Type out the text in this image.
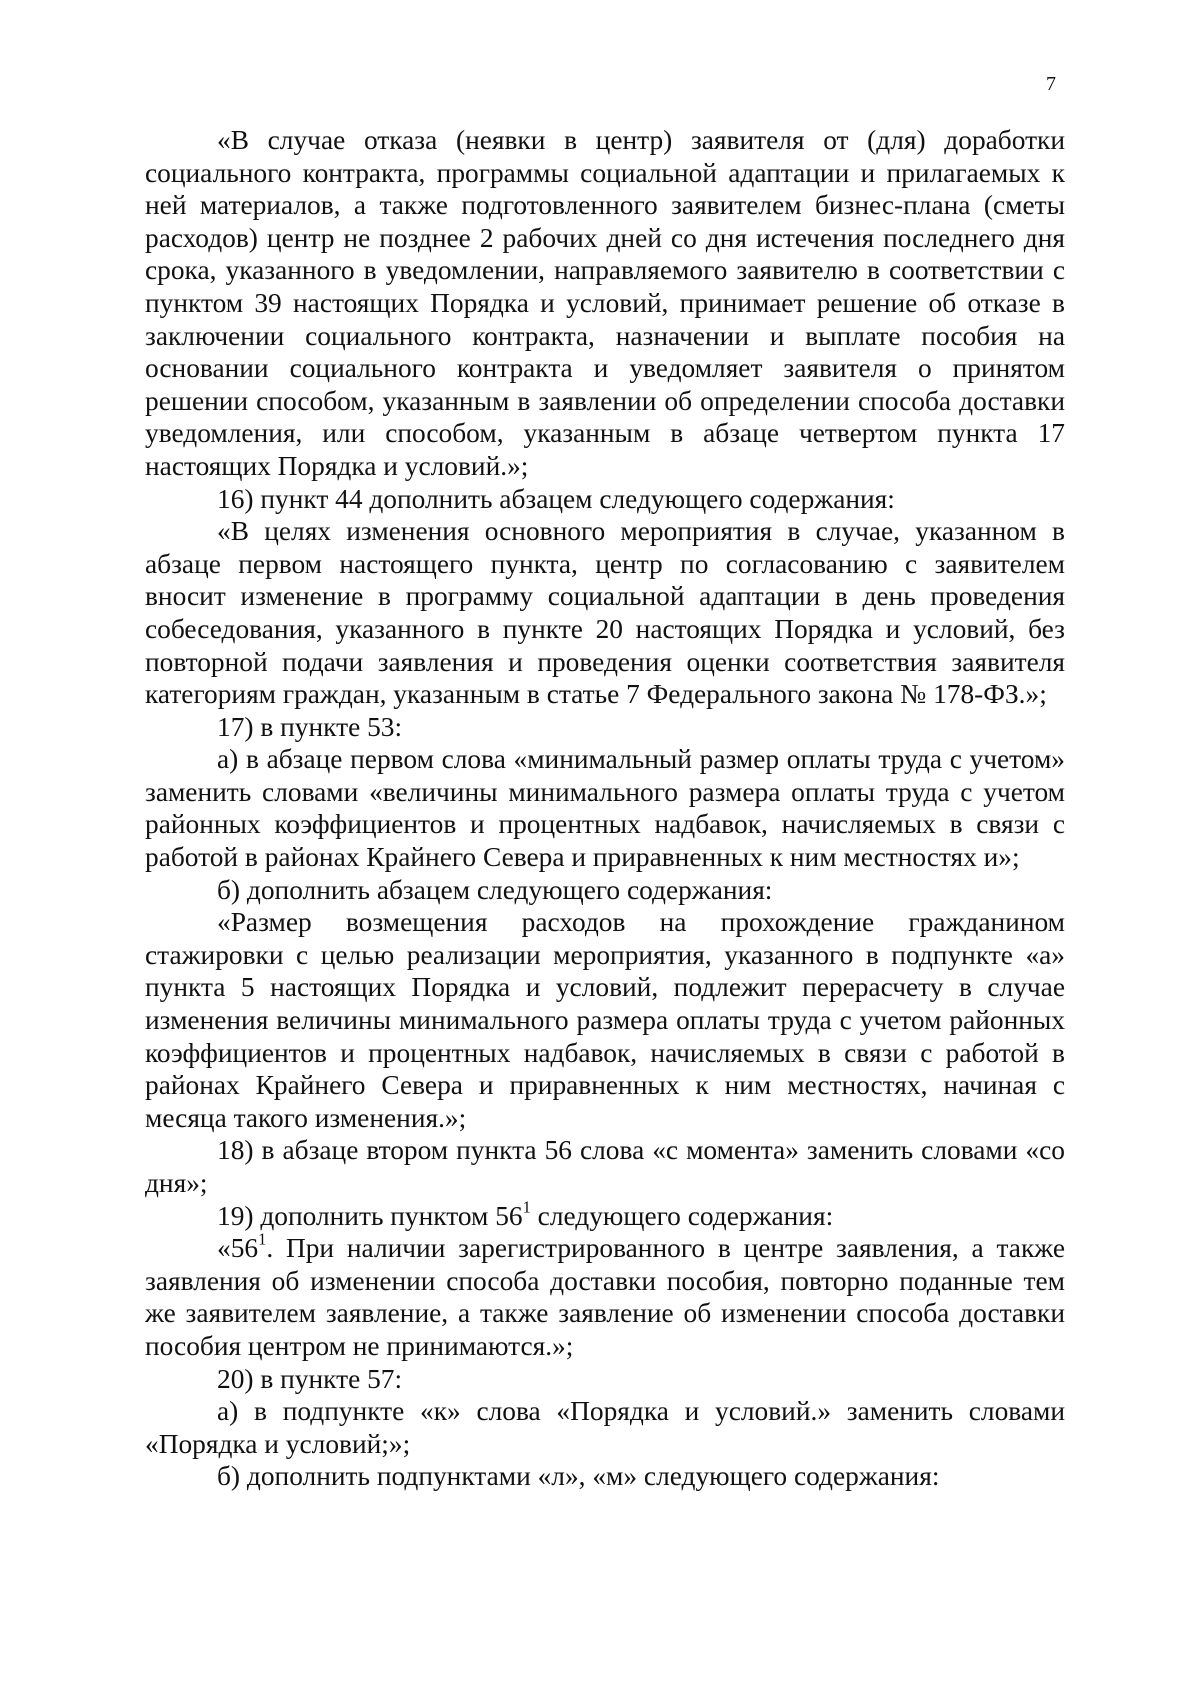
7

«В случае отказа (неявки в центр) заявителя от (для) доработки социального контракта, программы социальной адаптации и прилагаемых к ней материалов, а также подготовленного заявителем бизнес-плана (сметы расходов) центр не позднее 2 рабочих дней со дня истечения последнего дня срока, указанного в уведомлении, направляемого заявителю в соответствии с пунктом 39 настоящих Порядка и условий, принимает решение об отказе в заключении социального контракта, назначении и выплате пособия на основании социального контракта и уведомляет заявителя о принятом решении способом, указанным в заявлении об определении способа доставки уведомления, или способом, указанным в абзаце четвертом пункта 17 настоящих Порядка и условий.»;

16) пункт 44 дополнить абзацем следующего содержания:

«В целях изменения основного мероприятия в случае, указанном в абзаце первом настоящего пункта, центр по согласованию с заявителем вносит изменение в программу социальной адаптации в день проведения собеседования, указанного в пункте 20 настоящих Порядка и условий, без повторной подачи заявления и проведения оценки соответствия заявителя категориям граждан, указанным в статье 7 Федерального закона № 178-ФЗ.»;

17) в пункте 53:

а) в абзаце первом слова «минимальный размер оплаты труда с учетом» заменить словами «величины минимального размера оплаты труда с учетом районных коэффициентов и процентных надбавок, начисляемых в связи с работой в районах Крайнего Севера и приравненных к ним местностях и»;

б) дополнить абзацем следующего содержания:

«Размер возмещения расходов на прохождение гражданином стажировки с целью реализации мероприятия, указанного в подпункте «а» пункта 5 настоящих Порядка и условий, подлежит перерасчету в случае изменения величины минимального размера оплаты труда с учетом районных коэффициентов и процентных надбавок, начисляемых в связи с работой в районах Крайнего Севера и приравненных к ним местностях, начиная с месяца такого изменения.»;

18) в абзаце втором пункта 56 слова «с момента» заменить словами «со дня»;

19) дополнить пунктом $56^1$ следующего содержания:

«$56^1$. При наличии зарегистрированного в центре заявления, а также заявления об изменении способа доставки пособия, повторно поданные тем же заявителем заявление, а также заявление об изменении способа доставки пособия центром не принимаются.»;

20) в пункте 57:

а) в подпункте «к» слова «Порядка и условий.» заменить словами «Порядка и условий;»;

б) дополнить подпунктами «л», «м» следующего содержания:
